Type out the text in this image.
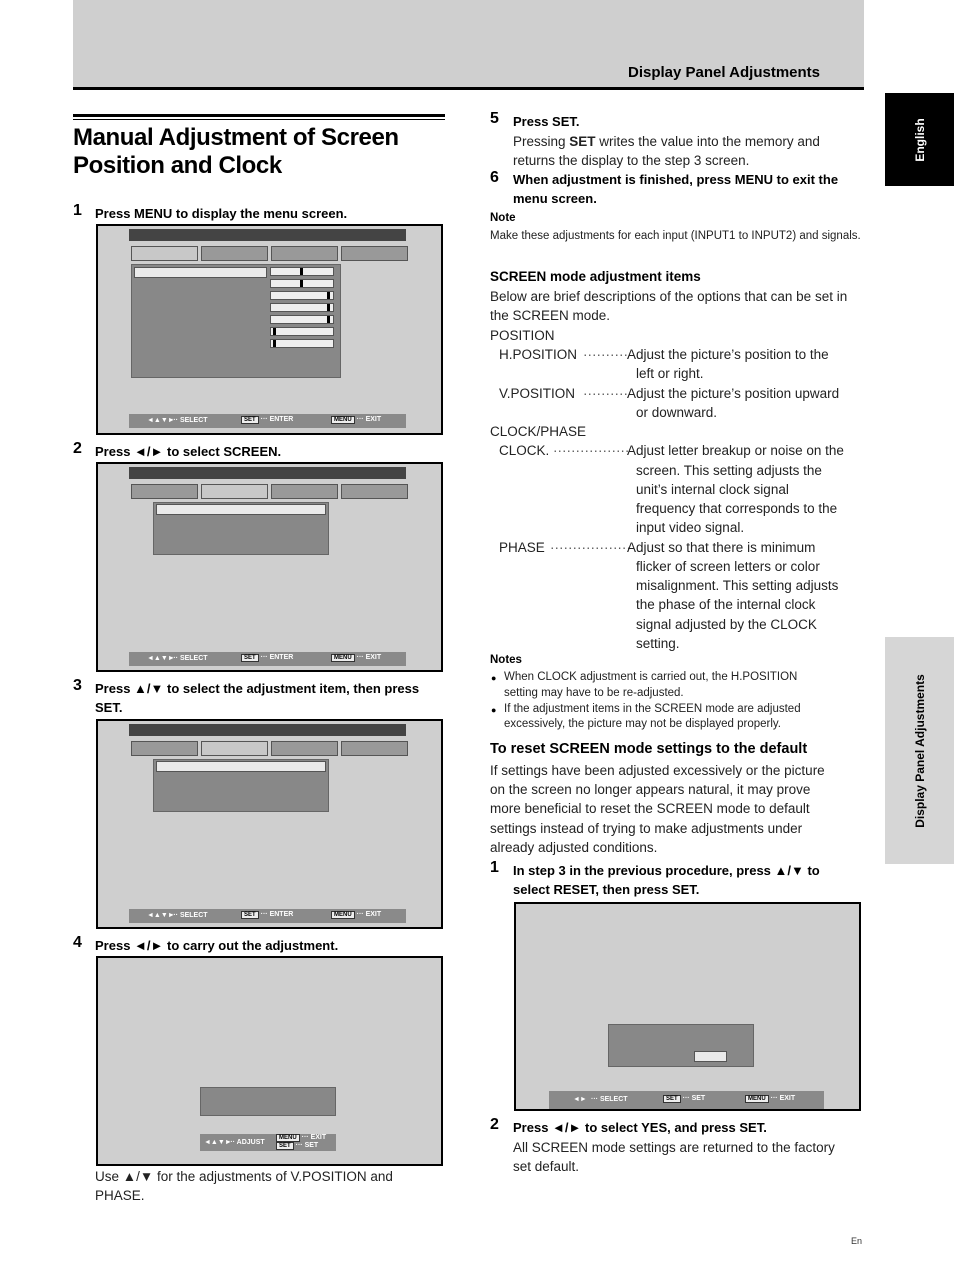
Display Panel Adjustments
English
Display Panel Adjustments
Manual Adjustment of Screen
Position and Clock
1 Press MENU to display the menu screen.
◄▲▼►
··· SELECT	SET ··· ENTER	MENU ··· EXIT
2 Press ◄/► to select SCREEN.
◄▲▼►
··· SELECT	SET ··· ENTER	MENU ··· EXIT
3 Press ▲/▼ to select the adjustment item, then press SET.
◄▲▼►
··· SELECT	SET ··· ENTER	MENU ··· EXIT
4 Press ◄/► to carry out the adjustment.
◄▲▼►
··· ADJUST
MENU ··· EXIT
SET ··· SET
Use ▲/▼ for the adjustments of V.POSITION and PHASE.
5 Press SET.
Pressing SET writes the value into the memory and returns the display to the step 3 screen.
6 When adjustment is finished, press MENU to exit the menu screen.
Note
Make these adjustments for each input (INPUT1 to INPUT2) and signals.
SCREEN mode adjustment items
Below are brief descriptions of the options that can be set in the SCREEN mode.
POSITION
H.POSITION ·········· Adjust the picture’s position to the
left or right.
V.POSITION ·········· Adjust the picture’s position upward
or downward.
CLOCK/PHASE
CLOCK. ·················
Adjust letter breakup or noise on the
screen. This setting adjusts the
unit’s internal clock signal
frequency that corresponds to the
input video signal.
PHASE ··················
Adjust so that there is minimum
flicker of screen letters or color
misalignment. This setting adjusts
the phase of the internal clock
signal adjusted by the CLOCK
setting.
Notes
● When CLOCK adjustment is carried out, the H.POSITION
setting may have to be re-adjusted.
● If the adjustment items in the SCREEN mode are adjusted
excessively, the picture may not be displayed properly.
To reset SCREEN mode settings to the default
If settings have been adjusted excessively or the picture
on the screen no longer appears natural, it may prove
more beneficial to reset the SCREEN mode to default
settings instead of trying to make adjustments under
already adjusted conditions.
1 In step 3 in the previous procedure, press ▲/▼ to
select RESET, then press SET.
◄► ··· SELECT	SET ··· SET	MENU ··· EXIT
2 Press ◄/► to select YES, and press SET.
All SCREEN mode settings are returned to the factory
set default.
En
